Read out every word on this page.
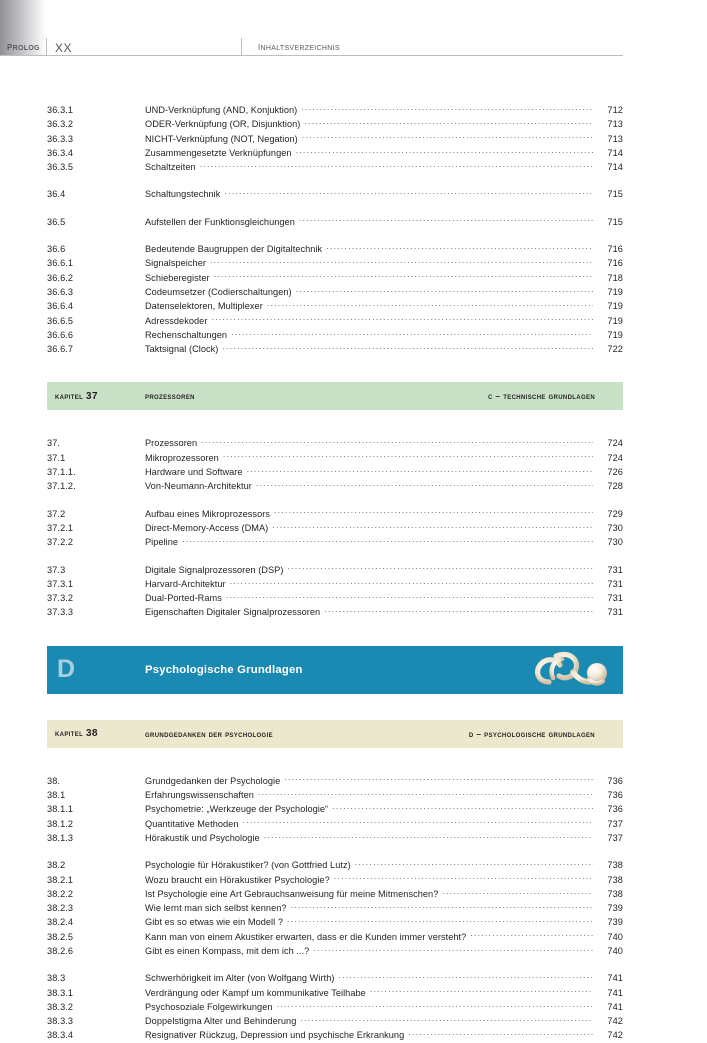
prolog	XX	inhaltsverzeichnis
36.3.1	UND-Verknüpfung (AND, Konjuktion) .....	712
36.3.2	ODER-Verknüpfung (OR, Disjunktion) .....	713
36.3.3	NICHT-Verknüpfung (NOT, Negation) .....	713
36.3.4	Zusammengesetzte Verknüpfungen .....	714
36.3.5	Schaltzeiten .....	714
36.4	Schaltungstechnik .....	715
36.5	Aufstellen der Funktionsgleichungen .....	715
36.6	Bedeutende Baugruppen der Digitaltechnik .....	716
36.6.1	Signalspeicher .....	716
36.6.2	Schieberegister .....	718
36.6.3	Codeumsetzer (Codierschaltungen) .....	719
36.6.4	Datenselektoren, Multiplexer .....	719
36.6.5	Adressdekoder .....	719
36.6.6	Rechenschaltungen .....	719
36.6.7	Taktsignal (Clock) .....	722
kapitel 37	prozessoren	c – technische grundlagen
37.	Prozessoren .....	724
37.1	Mikroprozessoren .....	724
37.1.1.	Hardware und Software .....	726
37.1.2.	Von-Neumann-Architektur .....	728
37.2	Aufbau eines Mikroprozessors .....	729
37.2.1	Direct-Memory-Access (DMA) .....	730
37.2.2	Pipeline .....	730
37.3	Digitale Signalprozessoren (DSP) .....	731
37.3.1	Harvard-Architektur .....	731
37.3.2	Dual-Ported-Rams .....	731
37.3.3	Eigenschaften Digitaler Signalprozessoren .....	731
D	Psychologische Grundlagen
kapitel 38	grundgedanken der psychologie	d – psychologische grundlagen
38.	Grundgedanken der Psychologie .....	736
38.1	Erfahrungswissenschaften .....	736
38.1.1	Psychometrie: „Werkzeuge der Psychologie“ .....	736
38.1.2	Quantitative Methoden .....	737
38.1.3	Hörakustik und Psychologie .....	737
38.2	Psychologie für Hörakustiker? (von Gottfried Lutz) .....	738
38.2.1	Wozu braucht ein Hörakustiker Psychologie? .....	738
38.2.2	Ist Psychologie eine Art Gebrauchsanweisung für meine Mitmenschen? .....	738
38.2.3	Wie lernt man sich selbst kennen? .....	739
38.2.4	Gibt es so etwas wie ein Modell ? .....	739
38.2.5	Kann man von einem Akustiker erwarten, dass er die Kunden immer versteht? .....	740
38.2.6	Gibt es einen Kompass, mit dem ich ...? .....	740
38.3	Schwerhörigkeit im Alter (von Wolfgang Wirth) .....	741
38.3.1	Verdrängung oder Kampf um kommunikative Teilhabe .....	741
38.3.2	Psychosoziale Folgewirkungen .....	741
38.3.3	Doppelstigma Alter und Behinderung .....	742
38.3.4	Resignativer Rückzug, Depression und psychische Erkrankung .....	742
